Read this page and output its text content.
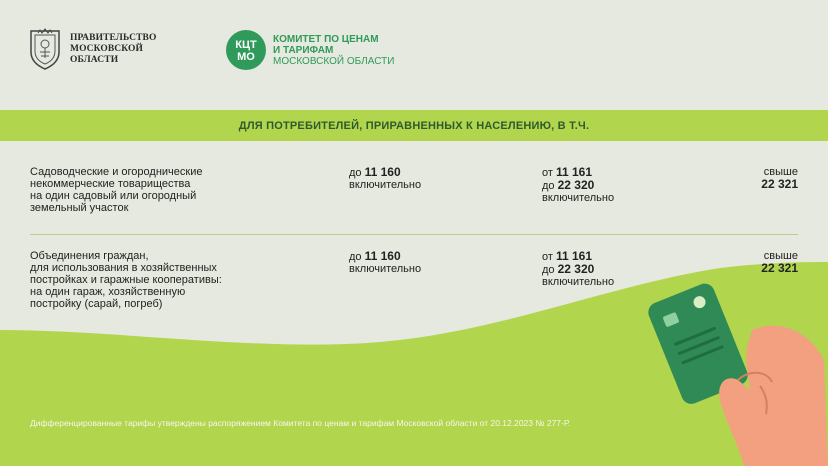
ПРАВИТЕЛЬСТВО
МОСКОВСКОЙ
ОБЛАСТИ
КЦТ
МО
КОМИТЕТ ПО ЦЕНАМ
И ТАРИФАМ
МОСКОВСКОЙ ОБЛАСТИ
ДЛЯ ПОТРЕБИТЕЛЕЙ, ПРИРАВНЕННЫХ К НАСЕЛЕНИЮ, В Т.Ч.
Садоводческие и огороднические
некоммерческие товарищества
на один садовый или огородный
земельный участок
до 11 160
включительно
от 11 161
до 22 320
включительно
свыше
22 321
Объединения граждан,
для использования в хозяйственных
постройках и гаражные кооперативы:
на один гараж, хозяйственную
постройку (сарай, погреб)
до 11 160
включительно
от 11 161
до 22 320
включительно
свыше
22 321
Дифференцированные тарифы утверждены распоряжением Комитета по ценам и тарифам Московской области от 20.12.2023 № 277-Р.
